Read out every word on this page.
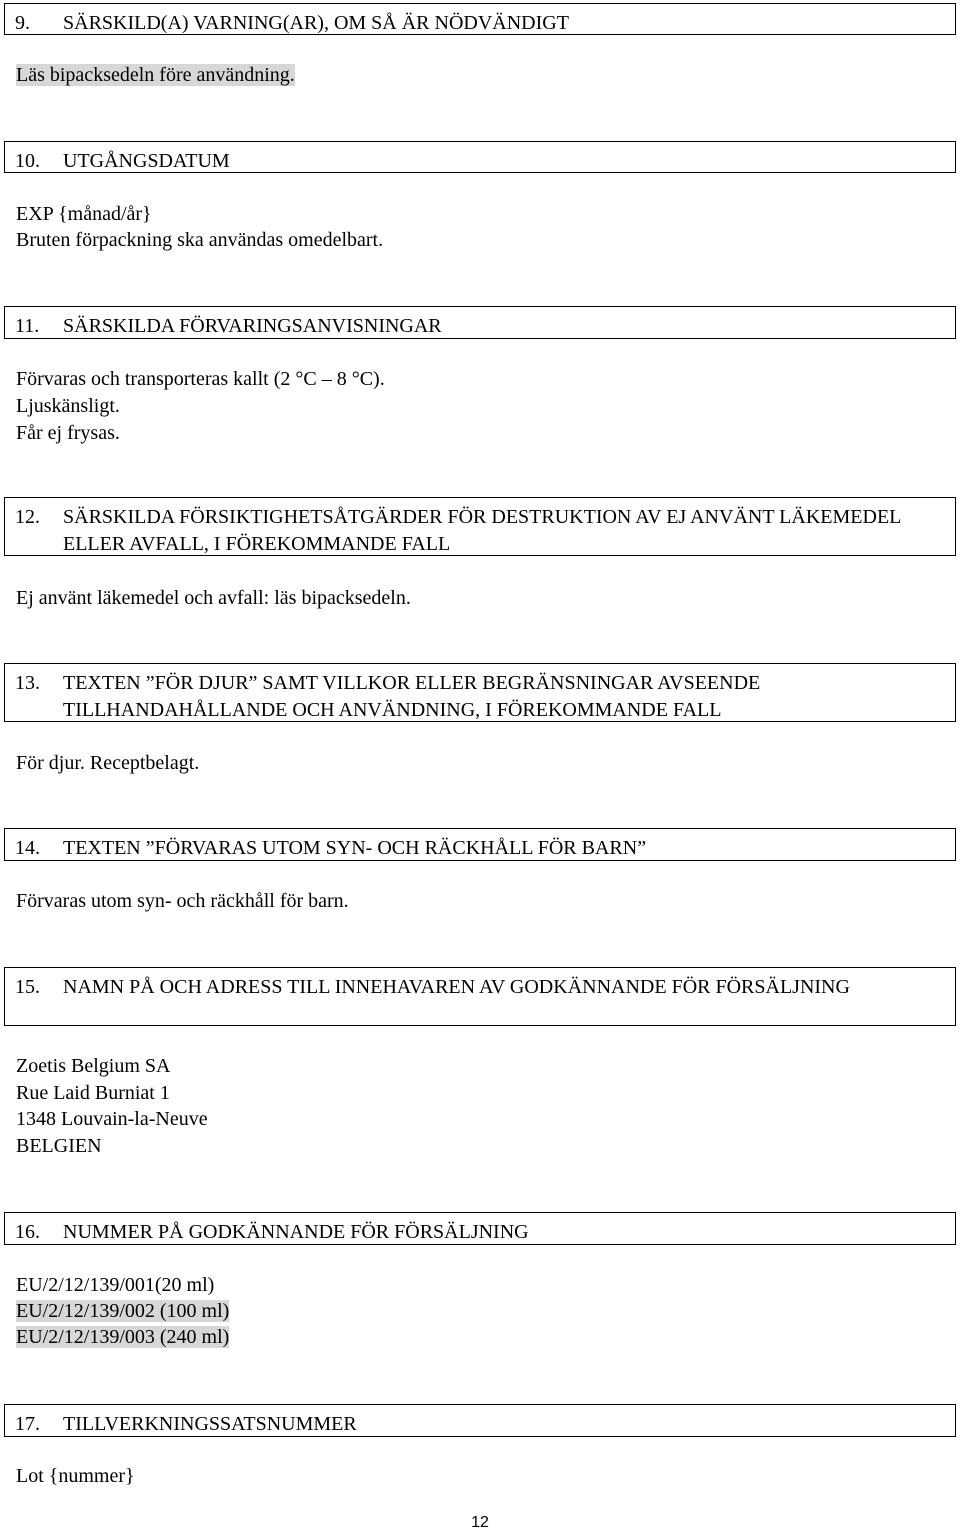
9.	SÄRSKILD(A) VARNING(AR), OM SÅ ÄR NÖDVÄNDIGT
Läs bipacksedeln före användning.
10.	UTGÅNGSDATUM
EXP {månad/år}
Bruten förpackning ska användas omedelbart.
11.	SÄRSKILDA FÖRVARINGSANVISNINGAR
Förvaras och transporteras kallt (2 °C – 8 °C).
Ljuskänsligt.
Får ej frysas.
12.	SÄRSKILDA FÖRSIKTIGHETSÅTGÄRDER FÖR DESTRUKTION AV EJ ANVÄNT LÄKEMEDEL ELLER AVFALL, I FÖREKOMMANDE FALL
Ej använt läkemedel och avfall: läs bipacksedeln.
13.	TEXTEN ”FÖR DJUR” SAMT VILLKOR ELLER BEGRÄNSNINGAR AVSEENDE TILLHANDAHÅLLANDE OCH ANVÄNDNING, I FÖREKOMMANDE FALL
För djur. Receptbelagt.
14.	TEXTEN ”FÖRVARAS UTOM SYN- OCH RÄCKHÅLL FÖR BARN”
Förvaras utom syn- och räckhåll för barn.
15.	NAMN PÅ OCH ADRESS TILL INNEHAVAREN AV GODKÄNNANDE FÖR FÖRSÄLJNING
Zoetis Belgium SA
Rue Laid Burniat 1
1348 Louvain-la-Neuve
BELGIEN
16.	NUMMER PÅ GODKÄNNANDE FÖR FÖRSÄLJNING
EU/2/12/139/001(20 ml)
EU/2/12/139/002 (100 ml)
EU/2/12/139/003 (240 ml)
17.	TILLVERKNINGSSATSNUMMER
Lot {nummer}
12
